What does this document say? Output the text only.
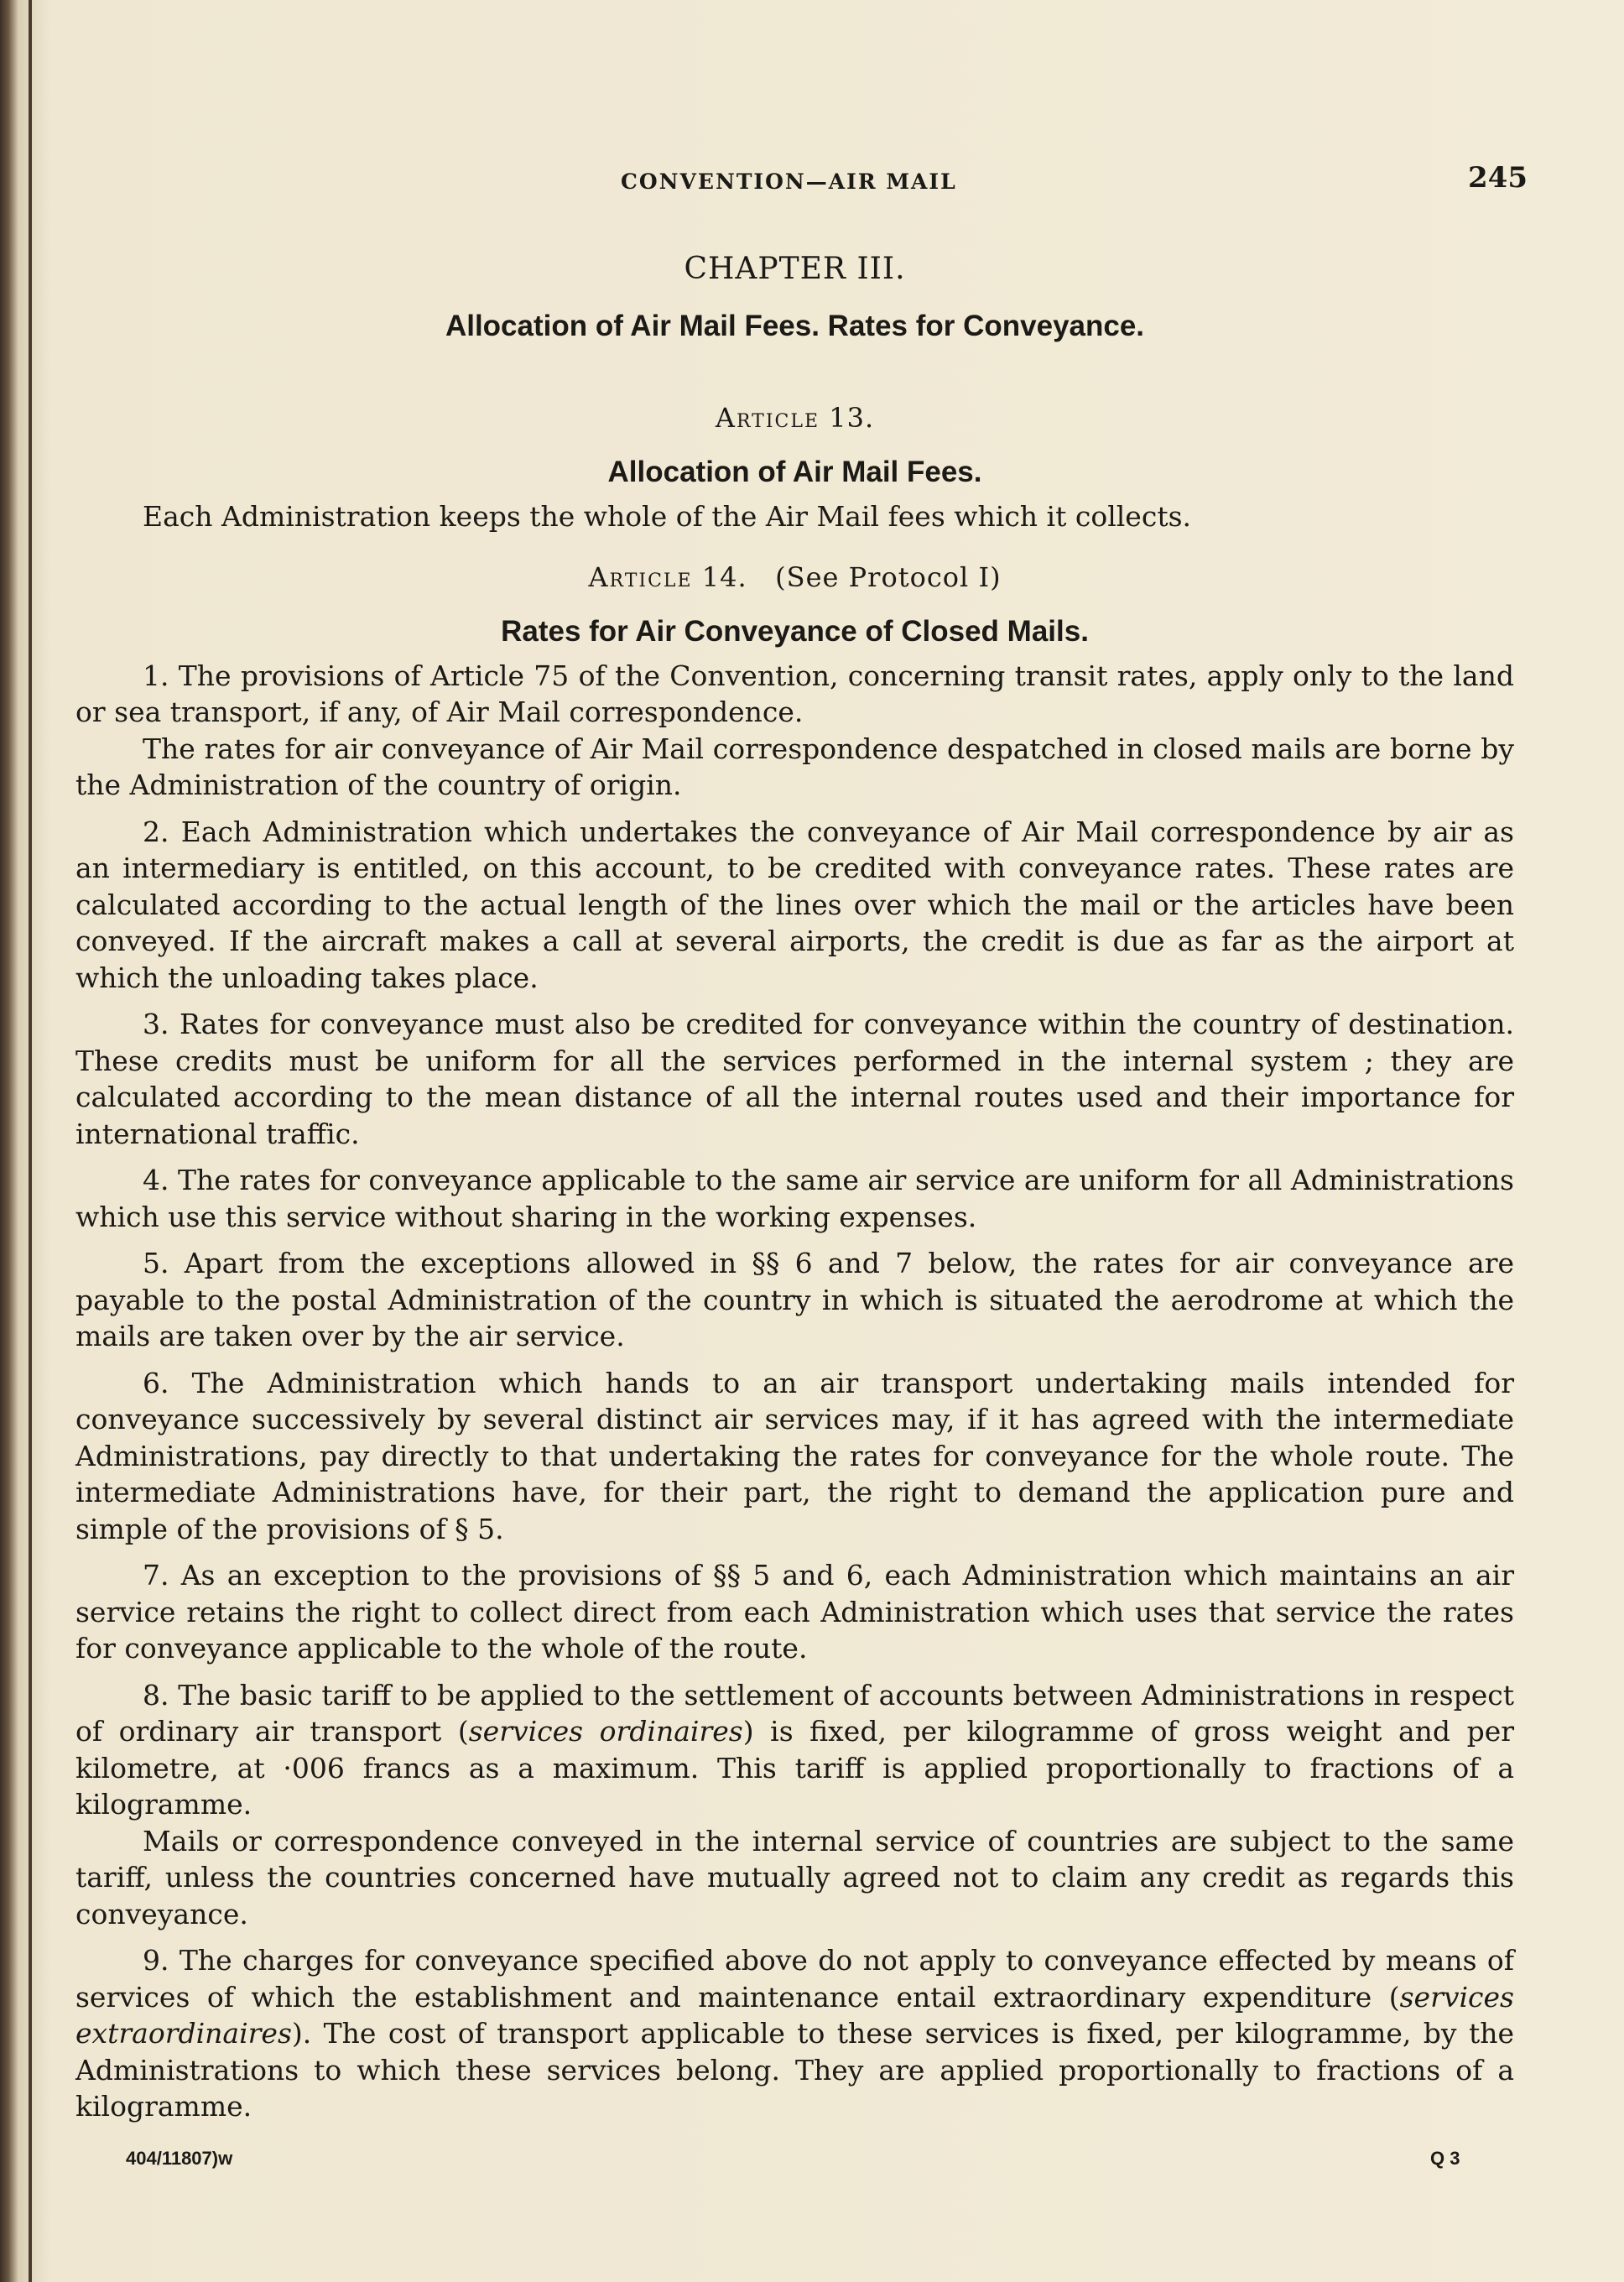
CONVENTION—AIR MAIL	245
CHAPTER III.
Allocation of Air Mail Fees. Rates for Conveyance.
Article 13.
Allocation of Air Mail Fees.

Each Administration keeps the whole of the Air Mail fees which it collects.

Article 14. (See Protocol I)
Rates for Air Conveyance of Closed Mails.

1. The provisions of Article 75 of the Convention, concerning transit rates, apply only to the land or sea transport, if any, of Air Mail correspondence.

The rates for air conveyance of Air Mail correspondence despatched in closed mails are borne by the Administration of the country of origin.

2. Each Administration which undertakes the conveyance of Air Mail correspondence by air as an intermediary is entitled, on this account, to be credited with conveyance rates. These rates are calculated according to the actual length of the lines over which the mail or the articles have been conveyed. If the aircraft makes a call at several airports, the credit is due as far as the airport at which the unloading takes place.

3. Rates for conveyance must also be credited for conveyance within the country of destination. These credits must be uniform for all the services performed in the internal system ; they are calculated according to the mean distance of all the internal routes used and their importance for international traffic.

4. The rates for conveyance applicable to the same air service are uniform for all Administrations which use this service without sharing in the working expenses.

5. Apart from the exceptions allowed in §§ 6 and 7 below, the rates for air conveyance are payable to the postal Administration of the country in which is situated the aerodrome at which the mails are taken over by the air service.

6. The Administration which hands to an air transport undertaking mails intended for conveyance successively by several distinct air services may, if it has agreed with the intermediate Administrations, pay directly to that undertaking the rates for conveyance for the whole route. The intermediate Administrations have, for their part, the right to demand the application pure and simple of the provisions of § 5.

7. As an exception to the provisions of §§ 5 and 6, each Administration which maintains an air service retains the right to collect direct from each Administration which uses that service the rates for conveyance applicable to the whole of the route.

8. The basic tariff to be applied to the settlement of accounts between Administrations in respect of ordinary air transport (services ordinaires) is fixed, per kilogramme of gross weight and per kilometre, at ·006 francs as a maximum. This tariff is applied proportionally to fractions of a kilogramme.

Mails or correspondence conveyed in the internal service of countries are subject to the same tariff, unless the countries concerned have mutually agreed not to claim any credit as regards this conveyance.

9. The charges for conveyance specified above do not apply to conveyance effected by means of services of which the establishment and maintenance entail extraordinary expenditure (services extraordinaires). The cost of transport applicable to these services is fixed, per kilogramme, by the Administrations to which these services belong. They are applied proportionally to fractions of a kilogramme.

404/11807)w	Q 3
